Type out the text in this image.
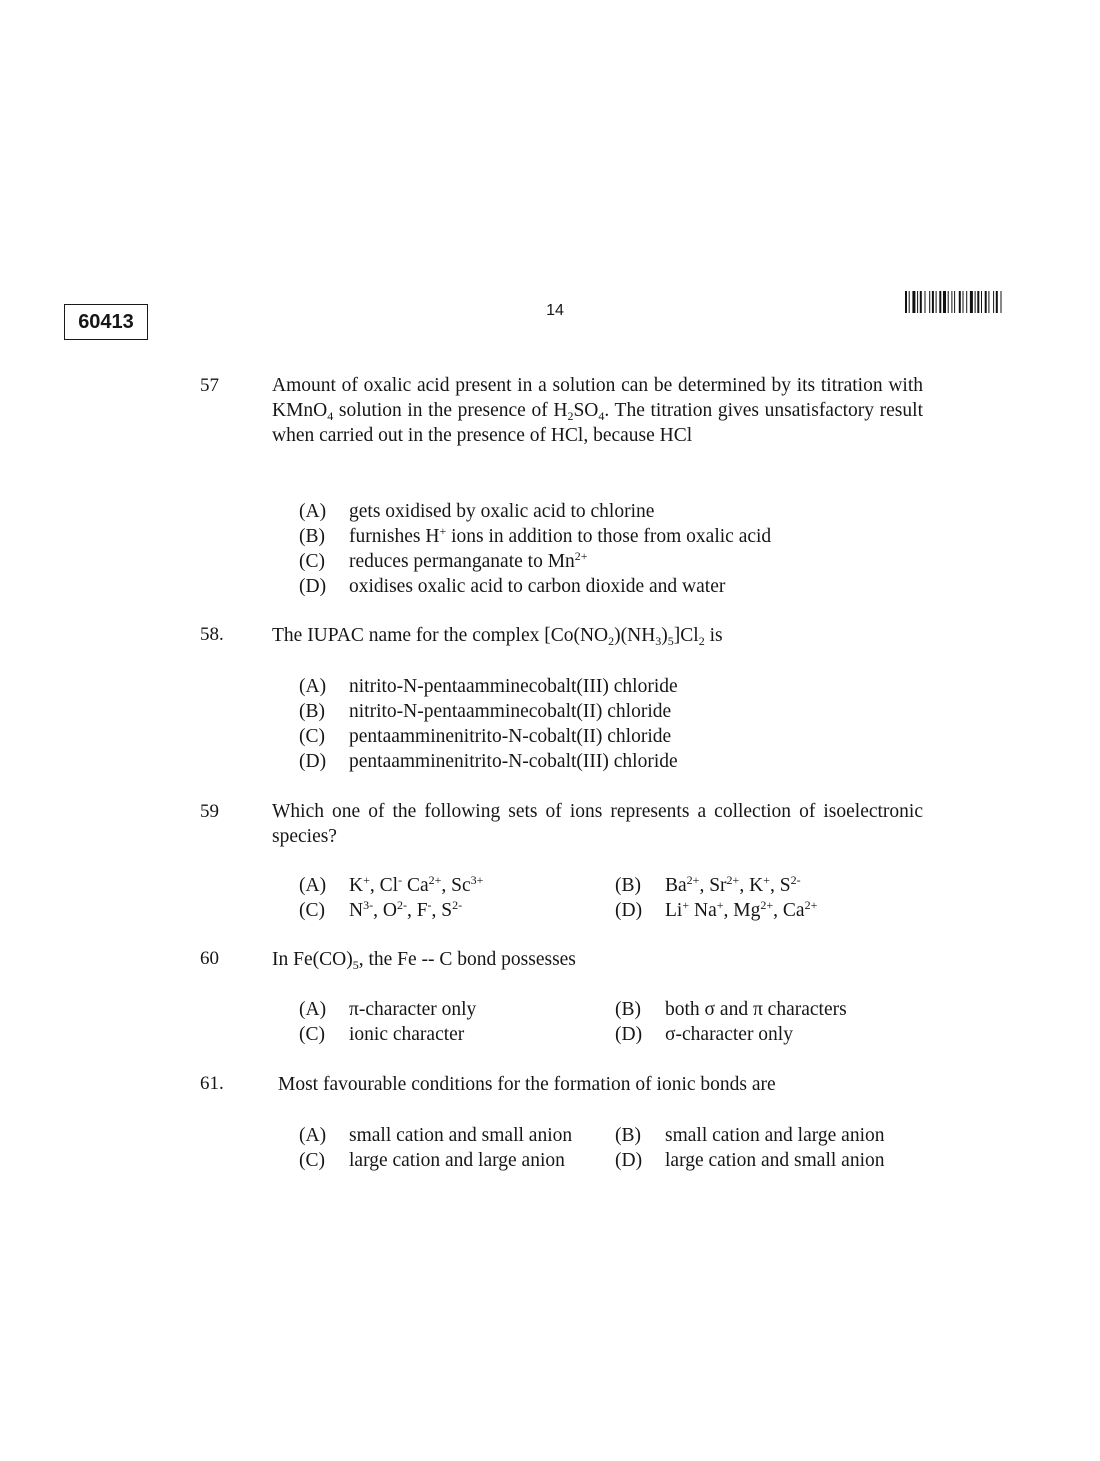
60413
14
57	Amount of oxalic acid present in a solution can be determined by its titration with KMnO$_4$ solution in the presence of $H_2SO_4$. The titration gives unsatisfactory result when carried out in the presence of HCl, because HCl
(A) gets oxidised by oxalic acid to chlorine
(B) furnishes H+ ions in addition to those from oxalic acid
(C) reduces permanganate to $Mn^{2+}$
(D) oxidises oxalic acid to carbon dioxide and water
58. The IUPAC name for the complex $[Co(NO_2)(NH_3)_5]Cl_2$ is
(A) nitrito-N-pentaamminecobalt(III) chloride
(B) nitrito-N-pentaamminecobalt(II) chloride
(C) pentaamminenitrito-N-cobalt(II) chloride
(D) pentaamminenitrito-N-cobalt(III) chloride
59	Which one of the following sets of ions represents a collection of isoelectronic species?
(A) K+, Cl- $Ca^{2+}$, $Sc^{3+}$	(B) $Ba^{2+}$, $Sr^{2+}$, K+, $S^{2-}$
(C) $N^{3-}$, $O^{2-}$, F-, $S^{2-}$	(D) Li+ Na+, $Mg^{2+}$, $Ca^{2+}$
60	In $Fe(CO)_5$, the Fe -- C bond possesses
(A) π-character only	(B) both σ and π characters
(C) ionic character	(D) σ-character only
61.	Most favourable conditions for the formation of ionic bonds are
(A) small cation and small anion (B) small cation and large anion
(C) large cation and large anion	(D) large cation and small anion
